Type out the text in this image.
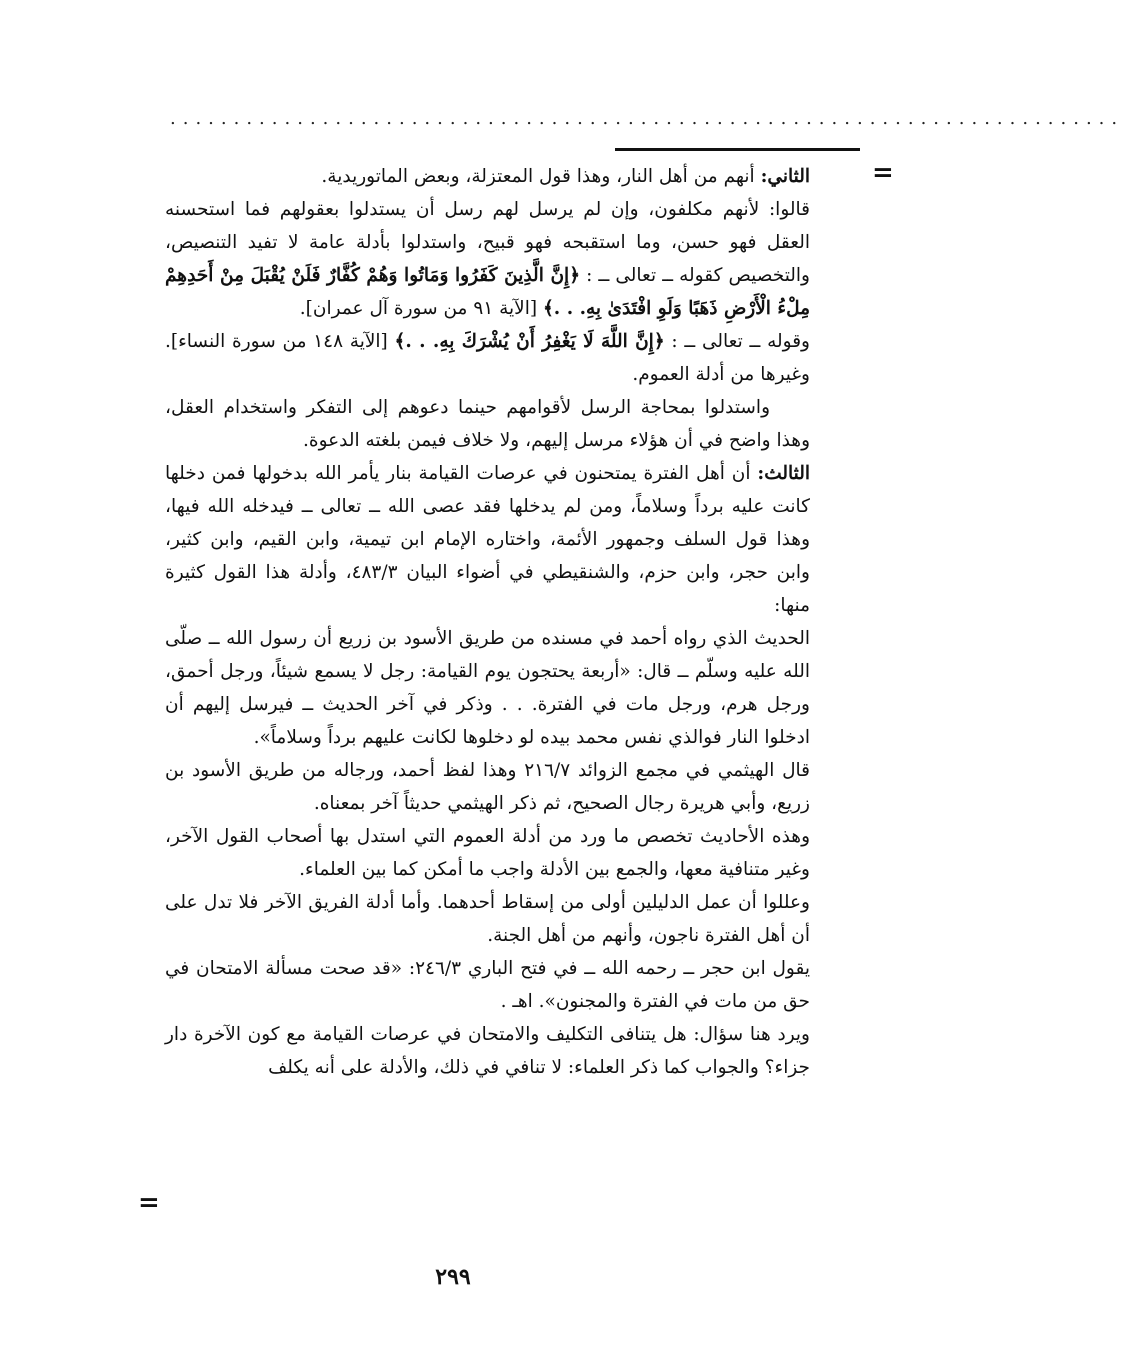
...........................................................................
=

الثاني: أنهم من أهل النار، وهذا قول المعتزلة، وبعض الماتوريدية.

قالوا: لأنهم مكلفون، وإن لم يرسل لهم رسل أن يستدلوا بعقولهم فما استحسنه العقل فهو حسن، وما استقبحه فهو قبيح، واستدلوا بأدلة عامة لا تفيد التنصيص، والتخصيص كقوله ــ تعالى ــ : ﴿إِنَّ الَّذِينَ كَفَرُوا وَمَاتُوا وَهُمْ كُفَّارٌ فَلَنْ يُقْبَلَ مِنْ أَحَدِهِمْ مِلْءُ الْأَرْضِ ذَهَبًا وَلَوِ افْتَدَىٰ بِهِ. . .﴾ [الآية ٩١ من سورة آل عمران].

وقوله ــ تعالى ــ : ﴿إِنَّ اللَّهَ لَا يَغْفِرُ أَنْ يُشْرَكَ بِهِ. . .﴾ [الآية ١٤٨ من سورة النساء]. وغيرها من أدلة العموم.

واستدلوا بمحاجة الرسل لأقوامهم حينما دعوهم إلى التفكر واستخدام العقل، وهذا واضح في أن هؤلاء مرسل إليهم، ولا خلاف فيمن بلغته الدعوة.

الثالث: أن أهل الفترة يمتحنون في عرصات القيامة بنار يأمر الله بدخولها فمن دخلها كانت عليه برداً وسلاماً، ومن لم يدخلها فقد عصى الله ــ تعالى ــ فيدخله الله فيها، وهذا قول السلف وجمهور الأئمة، واختاره الإمام ابن تيمية، وابن القيم، وابن كثير، وابن حجر، وابن حزم، والشنقيطي في أضواء البيان ٤٨٣/٣، وأدلة هذا القول كثيرة منها:

الحديث الذي رواه أحمد في مسنده من طريق الأسود بن زريع أن رسول الله ــ صلّى الله عليه وسلّم ــ قال: «أربعة يحتجون يوم القيامة: رجل لا يسمع شيئاً، ورجل أحمق، ورجل هرم، ورجل مات في الفترة. . . وذكر في آخر الحديث ــ فيرسل إليهم أن ادخلوا النار فوالذي نفس محمد بيده لو دخلوها لكانت عليهم برداً وسلاماً».

قال الهيثمي في مجمع الزوائد ٢١٦/٧ وهذا لفظ أحمد، ورجاله من طريق الأسود بن زريع، وأبي هريرة رجال الصحيح، ثم ذكر الهيثمي حديثاً آخر بمعناه.

وهذه الأحاديث تخصص ما ورد من أدلة العموم التي استدل بها أصحاب القول الآخر، وغير متنافية معها، والجمع بين الأدلة واجب ما أمكن كما بين العلماء.

وعللوا أن عمل الدليلين أولى من إسقاط أحدهما. وأما أدلة الفريق الآخر فلا تدل على أن أهل الفترة ناجون، وأنهم من أهل الجنة.

يقول ابن حجر ــ رحمه الله ــ في فتح الباري ٢٤٦/٣: «قد صحت مسألة الامتحان في حق من مات في الفترة والمجنون». اهـ .

ويرد هنا سؤال: هل يتنافى التكليف والامتحان في عرصات القيامة مع كون الآخرة دار جزاء؟ والجواب كما ذكر العلماء: لا تنافي في ذلك، والأدلة على أنه يكلف

=
٢٩٩
